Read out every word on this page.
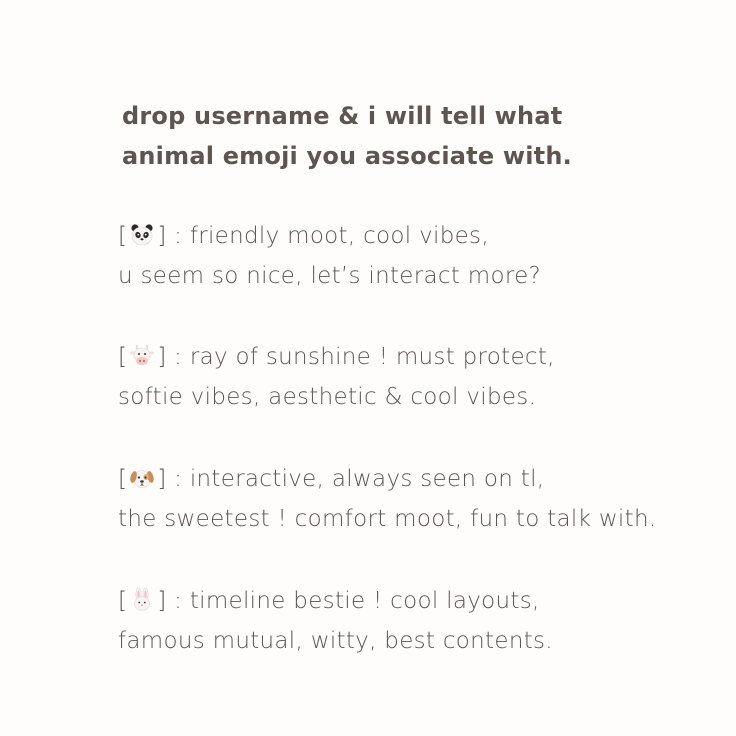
drop username & i will tell what
animal emoji you associate with.
[ ] : friendly moot, cool vibes,
u seem so nice, let’s interact more?
[ ] : ray of sunshine ! must protect,
softie vibes, aesthetic & cool vibes.
[ ] : interactive, always seen on tl,
the sweetest ! comfort moot, fun to talk with.
[ ] : timeline bestie ! cool layouts,
famous mutual, witty, best contents.
